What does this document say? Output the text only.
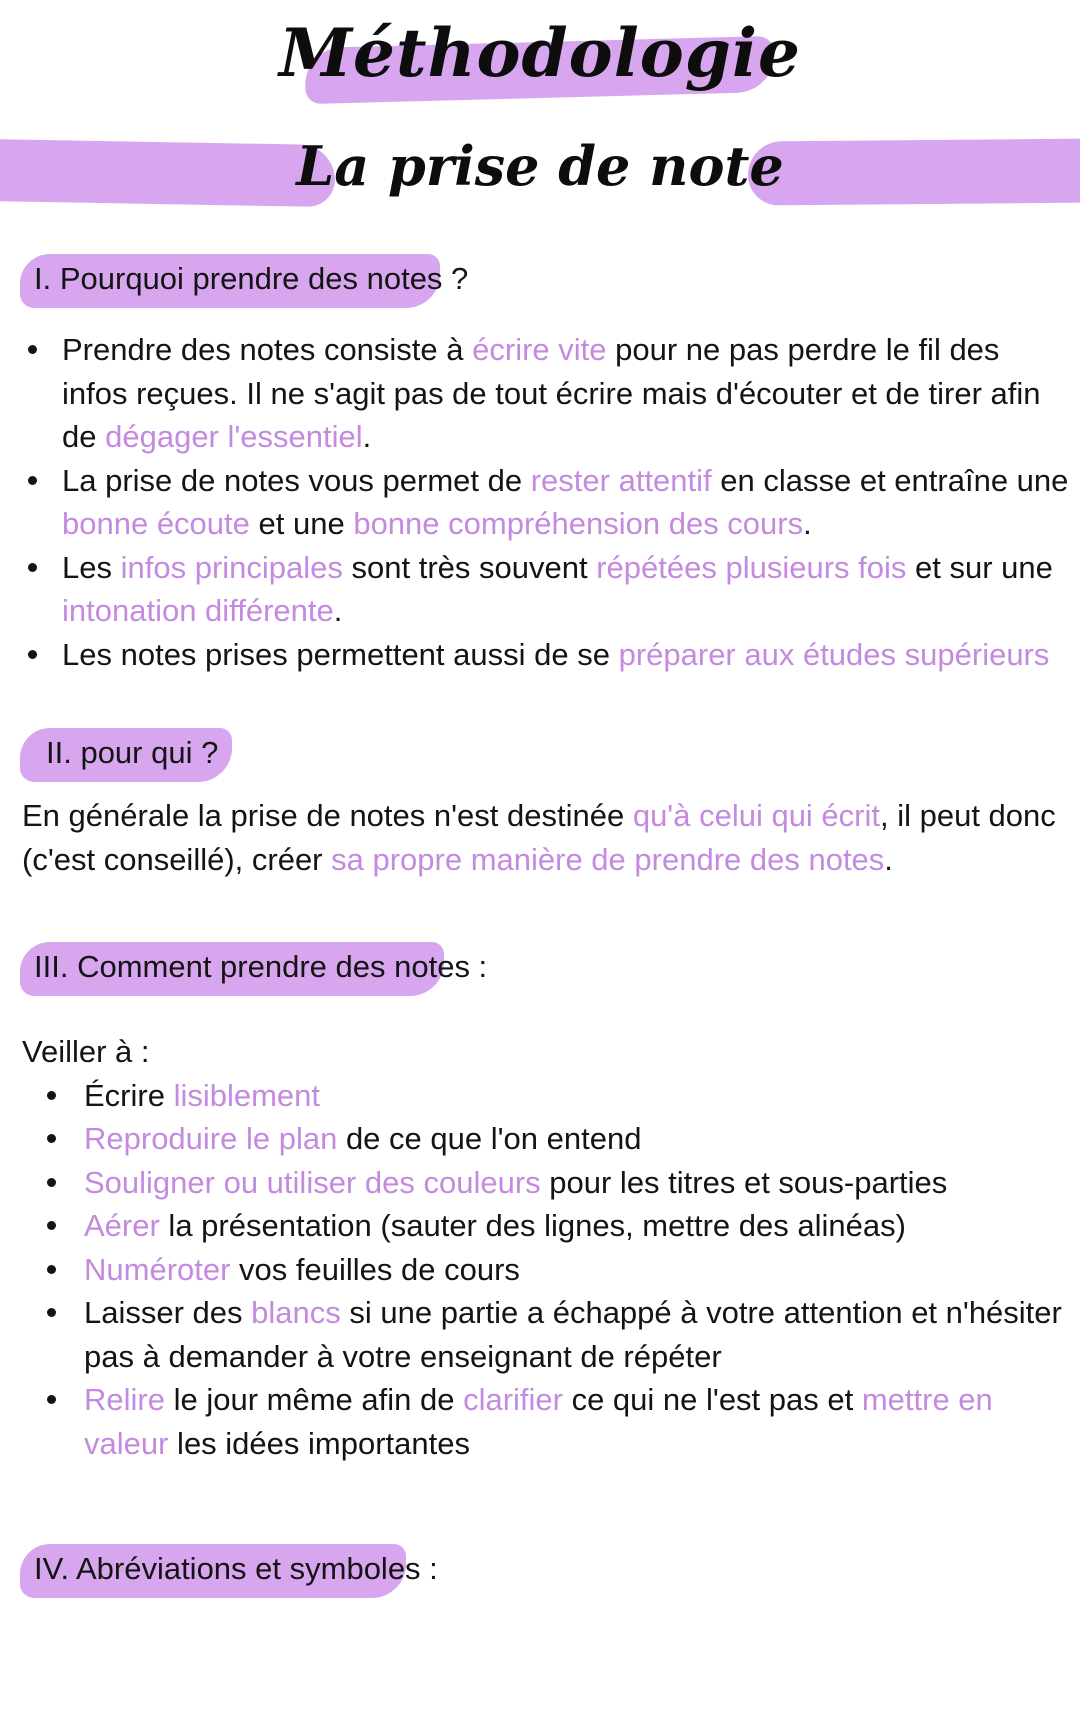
Méthodologie
La prise de note
I. Pourquoi prendre des notes ?
Prendre des notes consiste à écrire vite pour ne pas perdre le fil des infos reçues. Il ne s'agit pas de tout écrire mais d'écouter et de tirer afin de dégager l'essentiel.
La prise de notes vous permet de rester attentif en classe et entraîne une bonne écoute et une bonne compréhension des cours.
Les infos principales sont très souvent répétées plusieurs fois et sur une intonation différente.
Les notes prises permettent aussi de se préparer aux études supérieurs
II. pour qui ?

En générale la prise de notes n'est destinée qu'à celui qui écrit, il peut donc (c'est conseillé), créer sa propre manière de prendre des notes.

III. Comment prendre des notes :

Veiller à :

Écrire lisiblement
Reproduire le plan de ce que l'on entend
Souligner ou utiliser des couleurs pour les titres et sous-parties
Aérer la présentation (sauter des lignes, mettre des alinéas)
Numéroter vos feuilles de cours
Laisser des blancs si une partie a échappé à votre attention et n'hésiter pas à demander à votre enseignant de répéter
Relire le jour même afin de clarifier ce qui ne l'est pas et mettre en valeur les idées importantes
IV. Abréviations et symboles :
